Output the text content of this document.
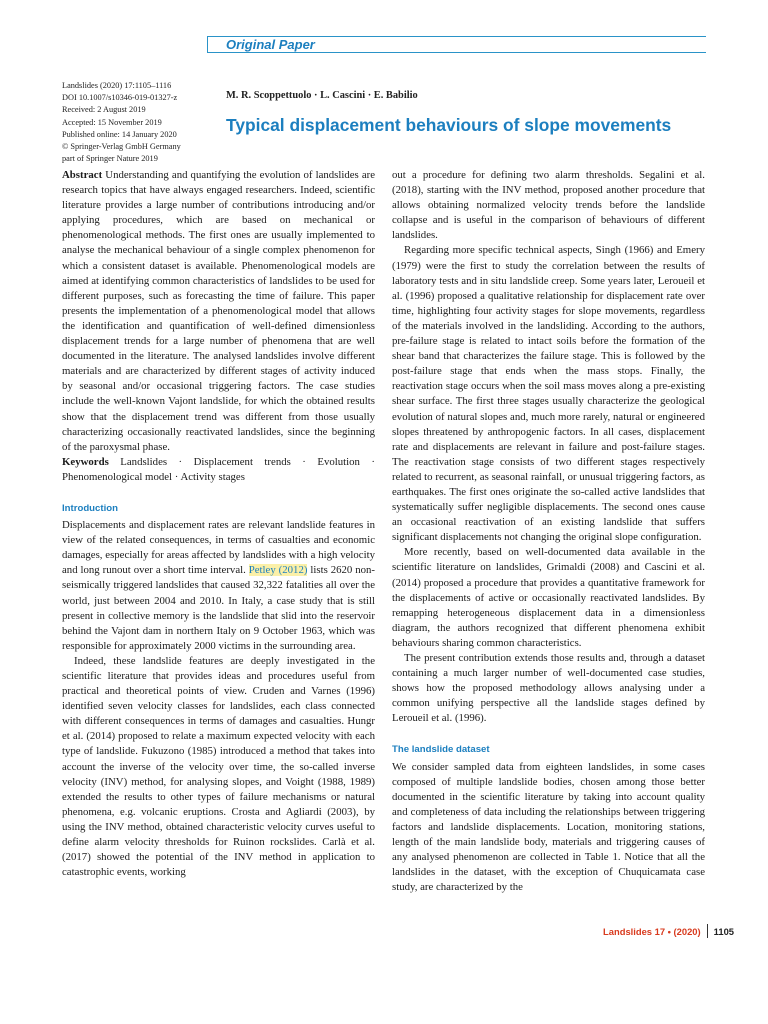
Original Paper
Landslides (2020) 17:1105–1116
DOI 10.1007/s10346-019-01327-z
Received: 2 August 2019
Accepted: 15 November 2019
Published online: 14 January 2020
© Springer-Verlag GmbH Germany
part of Springer Nature 2019
M. R. Scoppettuolo · L. Cascini · E. Babilio
Typical displacement behaviours of slope movements

Abstract Understanding and quantifying the evolution of landslides are research topics that have always engaged researchers. Indeed, scientific literature provides a large number of contributions introducing and/or applying procedures, which are based on mechanical or phenomenological methods. The first ones are usually implemented to analyse the mechanical behaviour of a single complex phenomenon for which a consistent dataset is available. Phenomenological models are aimed at identifying common characteristics of landslides to be used for different purposes, such as forecasting the time of failure. This paper presents the implementation of a phenomenological model that allows the identification and quantification of well-defined dimensionless displacement trends for a large number of phenomena that are well documented in the literature. The analysed landslides involve different materials and are characterized by different stages of activity induced by seasonal and/or occasional triggering factors. The case studies include the well-known Vajont landslide, for which the obtained results show that the displacement trend was different from those usually characterizing occasionally reactivated landslides, since the beginning of the paroxysmal phase.

Keywords Landslides · Displacement trends · Evolution · Phenomenological model · Activity stages

Introduction

Displacements and displacement rates are relevant landslide features in view of the related consequences, in terms of casualties and economic damages, especially for areas affected by landslides with a high velocity and long runout over a short time interval. Petley (2012) lists 2620 non-seismically triggered landslides that caused 32,322 fatalities all over the world, just between 2004 and 2010. In Italy, a case study that is still present in collective memory is the landslide that slid into the reservoir behind the Vajont dam in northern Italy on 9 October 1963, which was responsible for approximately 2000 victims in the surrounding area.

Indeed, these landslide features are deeply investigated in the scientific literature that provides ideas and procedures useful from practical and theoretical points of view. Cruden and Varnes (1996) identified seven velocity classes for landslides, each class connected with different consequences in terms of damages and casualties. Hungr et al. (2014) proposed to relate a maximum expected velocity with each type of landslide. Fukuzono (1985) introduced a method that takes into account the inverse of the velocity over time, the so-called inverse velocity (INV) method, for analysing slopes, and Voight (1988, 1989) extended the results to other types of failure mechanisms or natural phenomena, e.g. volcanic eruptions. Crosta and Agliardi (2003), by using the INV method, obtained characteristic velocity curves useful to define alarm velocity thresholds for Ruinon rockslides. Carlà et al. (2017) showed the potential of the INV method in application to catastrophic events, working

out a procedure for defining two alarm thresholds. Segalini et al. (2018), starting with the INV method, proposed another procedure that allows obtaining normalized velocity trends before the landslide collapse and is useful in the comparison of behaviours of different landslides.

Regarding more specific technical aspects, Singh (1966) and Emery (1979) were the first to study the correlation between the results of laboratory tests and in situ landslide creep. Some years later, Leroueil et al. (1996) proposed a qualitative relationship for displacement rate over time, highlighting four activity stages for slope movements, regardless of the materials involved in the landsliding. According to the authors, pre-failure stage is related to intact soils before the formation of the shear band that characterizes the failure stage. This is followed by the post-failure stage that ends when the mass stops. Finally, the reactivation stage occurs when the soil mass moves along a pre-existing shear surface. The first three stages usually characterize the geological evolution of natural slopes and, much more rarely, natural or engineered slopes threatened by anthropogenic factors. In all cases, displacement rate and displacements are relevant in failure and post-failure stages. The reactivation stage consists of two different stages respectively related to recurrent, as seasonal rainfall, or unusual triggering factors, as earthquakes. The first ones originate the so-called active landslides that systematically suffer negligible displacements. The second ones cause an occasional reactivation of an existing landslide that suffers significant displacements not changing the original slope configuration.

More recently, based on well-documented data available in the scientific literature on landslides, Grimaldi (2008) and Cascini et al. (2014) proposed a procedure that provides a quantitative framework for the displacements of active or occasionally reactivated landslides. By remapping heterogeneous displacement data in a dimensionless diagram, the authors recognized that different phenomena exhibit behaviours sharing common characteristics.

The present contribution extends those results and, through a dataset containing a much larger number of well-documented case studies, shows how the proposed methodology allows analysing under a common unifying perspective all the landslide stages defined by Leroueil et al. (1996).

The landslide dataset

We consider sampled data from eighteen landslides, in some cases composed of multiple landslide bodies, chosen among those better documented in the scientific literature by taking into account quality and completeness of data including the relationships between triggering factors and landslide displacements. Location, monitoring stations, length of the main landslide body, materials and triggering causes of any analysed phenomenon are collected in Table 1. Notice that all the landslides in the dataset, with the exception of Chuquicamata case study, are characterized by the

Landslides 17 • (2020) 1105
